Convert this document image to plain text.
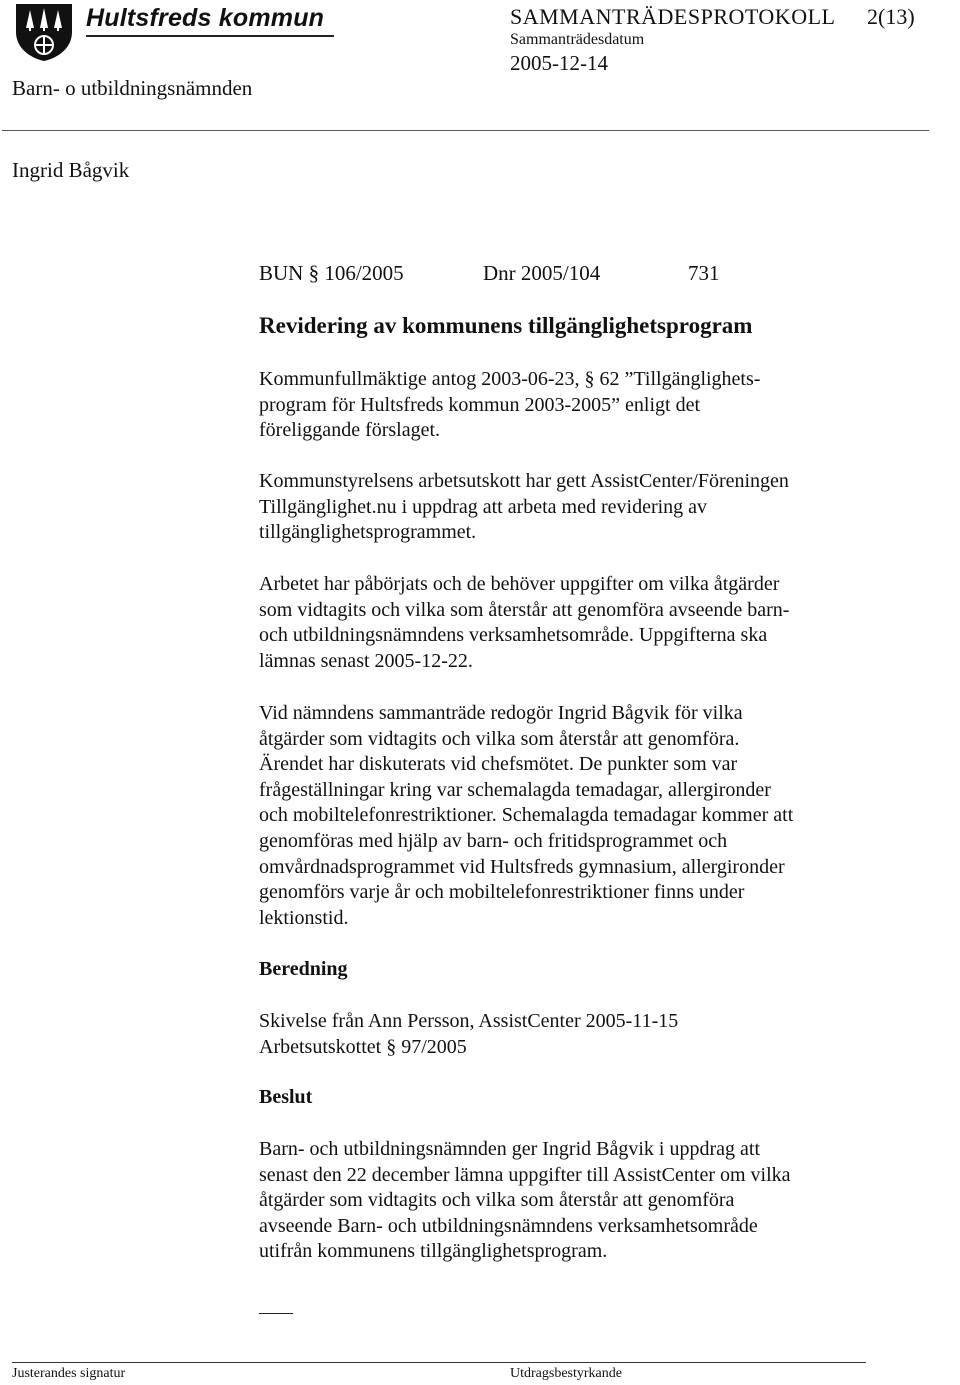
Hultsfreds kommun
Barn- o utbildningsnämnden
SAMMANTRÄDESPROTOKOLL 2(13)
Sammanträdesdatum
2005-12-14
Ingrid Bågvik
BUN § 106/2005	Dnr 2005/104	731
Revidering av kommunens tillgänglighetsprogram
Kommunfullmäktige antog 2003-06-23, § 62 ”Tillgänglighets-
program för Hultsfreds kommun 2003-2005” enligt det
föreliggande förslaget.
Kommunstyrelsens arbetsutskott har gett AssistCenter/Föreningen
Tillgänglighet.nu i uppdrag att arbeta med revidering av
tillgänglighetsprogrammet.
Arbetet har påbörjats och de behöver uppgifter om vilka åtgärder
som vidtagits och vilka som återstår att genomföra avseende barn-
och utbildningsnämndens verksamhetsområde. Uppgifterna ska
lämnas senast 2005-12-22.
Vid nämndens sammanträde redogör Ingrid Bågvik för vilka
åtgärder som vidtagits och vilka som återstår att genomföra.
Ärendet har diskuterats vid chefsmötet. De punkter som var
frågeställningar kring var schemalagda temadagar, allergironder
och mobiltelefonrestriktioner. Schemalagda temadagar kommer att
genomföras med hjälp av barn- och fritidsprogrammet och
omvårdnadsprogrammet vid Hultsfreds gymnasium, allergironder
genomförs varje år och mobiltelefonrestriktioner finns under
lektionstid.
Beredning
Skivelse från Ann Persson, AssistCenter 2005-11-15
Arbetsutskottet § 97/2005
Beslut
Barn- och utbildningsnämnden ger Ingrid Bågvik i uppdrag att
senast den 22 december lämna uppgifter till AssistCenter om vilka
åtgärder som vidtagits och vilka som återstår att genomföra
avseende Barn- och utbildningsnämndens verksamhetsområde
utifrån kommunens tillgänglighetsprogram.
Justerandes signatur	Utdragsbestyrkande
